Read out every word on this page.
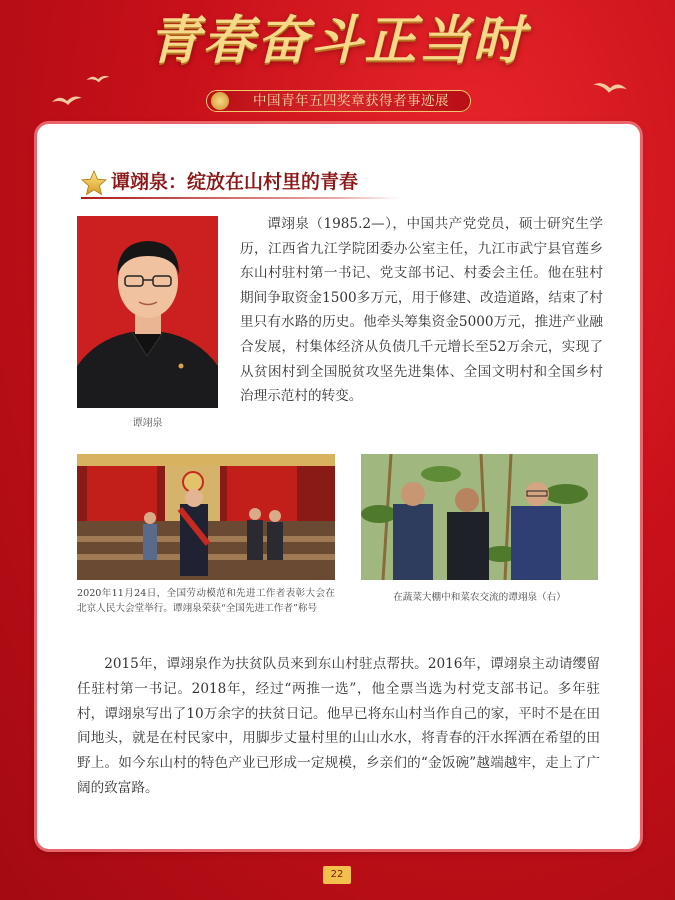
青春奋斗正当时
中国青年五四奖章获得者事迹展
谭翊泉：绽放在山村里的青春
谭翊泉
谭翊泉（1985.2—），中国共产党党员，硕士研究生学历，江西省九江学院团委办公室主任，九江市武宁县官莲乡东山村驻村第一书记、党支部书记、村委会主任。他在驻村期间争取资金1500多万元，用于修建、改造道路，结束了村里只有水路的历史。他牵头筹集资金5000万元，推进产业融合发展，村集体经济从负债几千元增长至52万余元，实现了从贫困村到全国脱贫攻坚先进集体、全国文明村和全国乡村治理示范村的转变。
2020年11月24日，全国劳动模范和先进工作者表彰大会在北京人民大会堂举行。谭翊泉荣获“全国先进工作者”称号
在蔬菜大棚中和菜农交流的谭翊泉（右）
2015年，谭翊泉作为扶贫队员来到东山村驻点帮扶。2016年，谭翊泉主动请缨留任驻村第一书记。2018年，经过“两推一选”，他全票当选为村党支部书记。多年驻村，谭翊泉写出了10万余字的扶贫日记。他早已将东山村当作自己的家，平时不是在田间地头，就是在村民家中，用脚步丈量村里的山山水水，将青春的汗水挥洒在希望的田野上。如今东山村的特色产业已形成一定规模，乡亲们的“金饭碗”越端越牢，走上了广阔的致富路。
22
